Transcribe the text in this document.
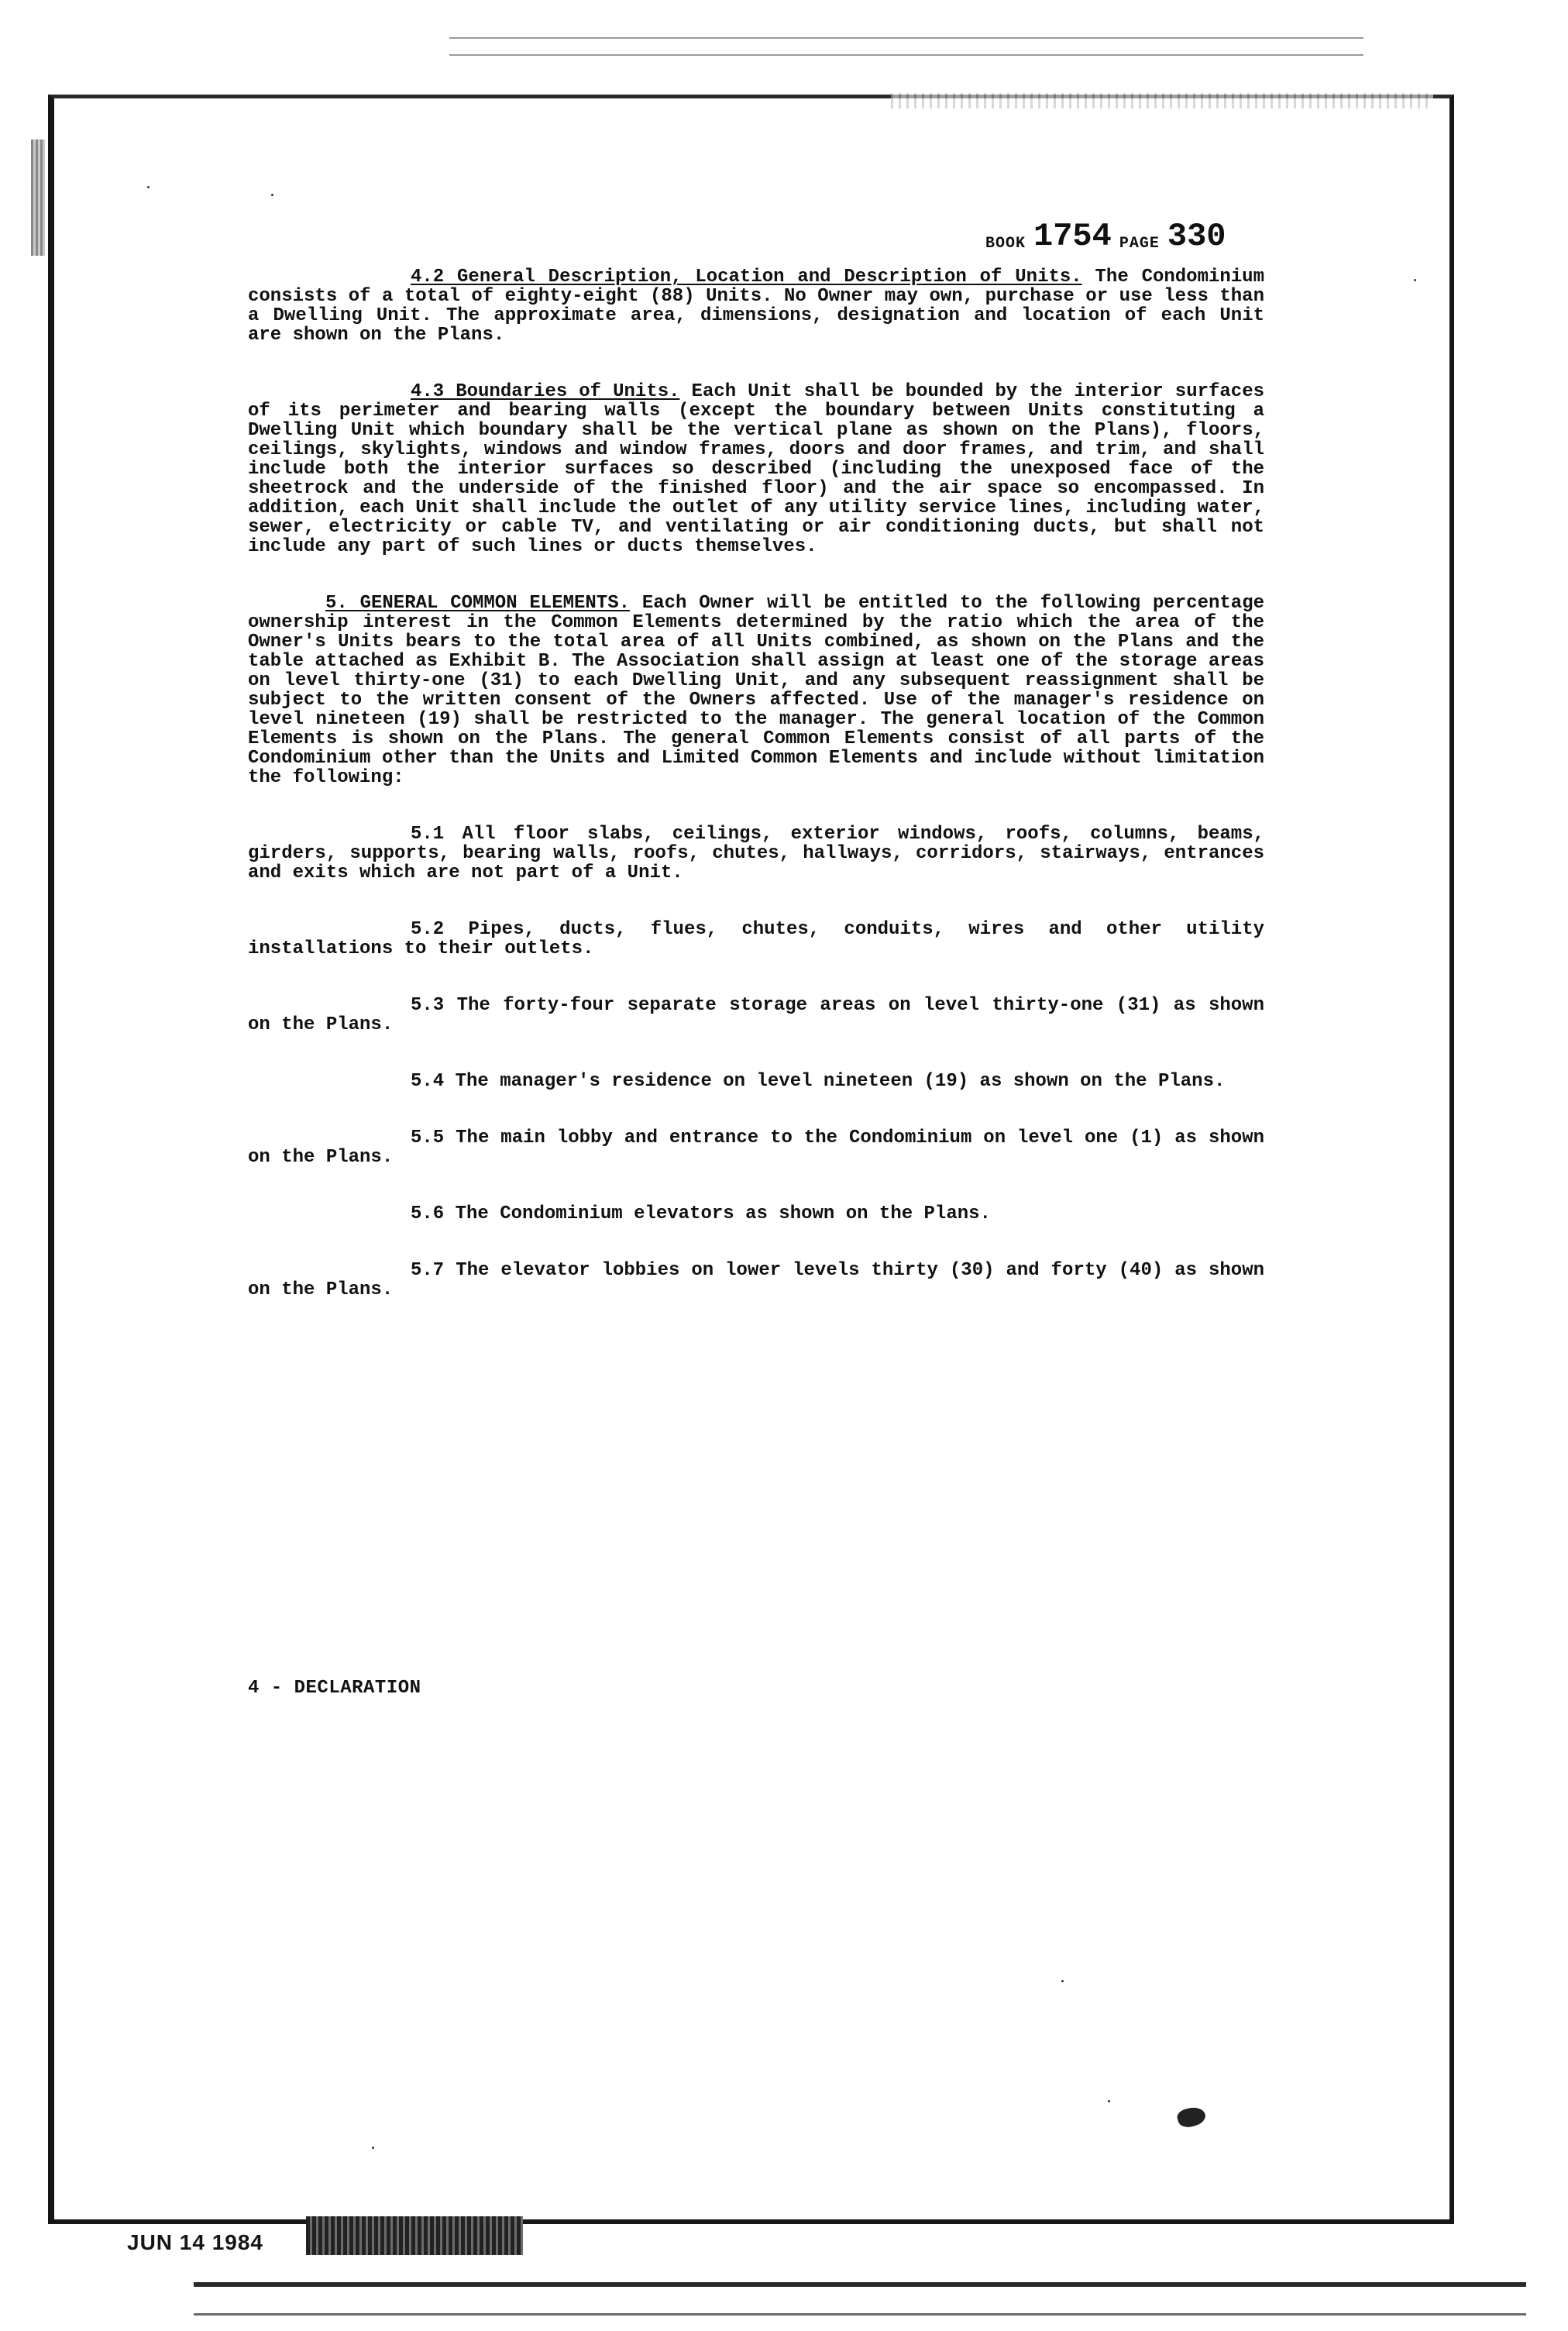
BOOK 1754 PAGE 330

4.2 General Description, Location and Description of Units. The Condominium consists of a total of eighty-eight (88) Units. No Owner may own, purchase or use less than a Dwelling Unit. The approximate area, dimensions, designation and location of each Unit are shown on the Plans.

4.3 Boundaries of Units. Each Unit shall be bounded by the interior surfaces of its perimeter and bearing walls (except the boundary between Units constituting a Dwelling Unit which boundary shall be the vertical plane as shown on the Plans), floors, ceilings, skylights, windows and window frames, doors and door frames, and trim, and shall include both the interior surfaces so described (including the unexposed face of the sheetrock and the underside of the finished floor) and the air space so encompassed. In addition, each Unit shall include the outlet of any utility service lines, including water, sewer, electricity or cable TV, and ventilating or air conditioning ducts, but shall not include any part of such lines or ducts themselves.

5. GENERAL COMMON ELEMENTS. Each Owner will be entitled to the following percentage ownership interest in the Common Elements determined by the ratio which the area of the Owner's Units bears to the total area of all Units combined, as shown on the Plans and the table attached as Exhibit B. The Association shall assign at least one of the storage areas on level thirty-one (31) to each Dwelling Unit, and any subsequent reassignment shall be subject to the written consent of the Owners affected. Use of the manager's residence on level nineteen (19) shall be restricted to the manager. The general location of the Common Elements is shown on the Plans. The general Common Elements consist of all parts of the Condominium other than the Units and Limited Common Elements and include without limitation the following:

5.1 All floor slabs, ceilings, exterior windows, roofs, columns, beams, girders, supports, bearing walls, roofs, chutes, hallways, corridors, stairways, entrances and exits which are not part of a Unit.

5.2 Pipes, ducts, flues, chutes, conduits, wires and other utility installations to their outlets.

5.3 The forty-four separate storage areas on level thirty-one (31) as shown on the Plans.

5.4 The manager's residence on level nineteen (19) as shown on the Plans.

5.5 The main lobby and entrance to the Condominium on level one (1) as shown on the Plans.

5.6 The Condominium elevators as shown on the Plans.

5.7 The elevator lobbies on lower levels thirty (30) and forty (40) as shown on the Plans.

4 - DECLARATION
JUN 14 1984
